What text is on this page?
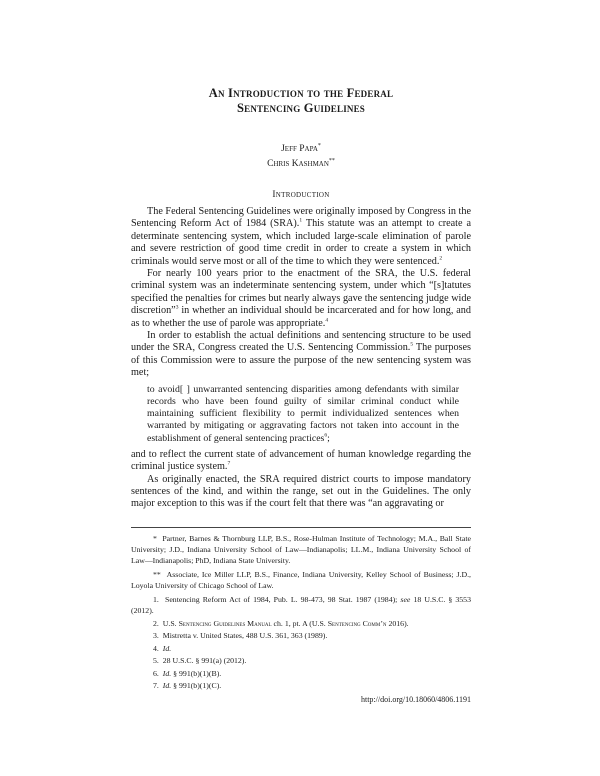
An Introduction to the Federal
Sentencing Guidelines
Jeff Papa*
Chris Kashman**
Introduction

The Federal Sentencing Guidelines were originally imposed by Congress in the Sentencing Reform Act of 1984 (SRA).$^1$ This statute was an attempt to create a determinate sentencing system, which included large-scale elimination of parole and severe restriction of good time credit in order to create a system in which criminals would serve most or all of the time to which they were sentenced.$^2$

For nearly 100 years prior to the enactment of the SRA, the U.S. federal criminal system was an indeterminate sentencing system, under which “[s]tatutes specified the penalties for crimes but nearly always gave the sentencing judge wide discretion”$^3$ in whether an individual should be incarcerated and for how long, and as to whether the use of parole was appropriate.$^4$

In order to establish the actual definitions and sentencing structure to be used under the SRA, Congress created the U.S. Sentencing Commission.$^5$ The purposes of this Commission were to assure the purpose of the new sentencing system was met;

to avoid[ ] unwarranted sentencing disparities among defendants with similar records who have been found guilty of similar criminal conduct while maintaining sufficient flexibility to permit individualized sentences when warranted by mitigating or aggravating factors not taken into account in the establishment of general sentencing practices$^6$;

and to reflect the current state of advancement of human knowledge regarding the criminal justice system.$^7$

As originally enacted, the SRA required district courts to impose mandatory sentences of the kind, and within the range, set out in the Guidelines. The only major exception to this was if the court felt that there was “an aggravating or

* Partner, Barnes & Thornburg LLP, B.S., Rose-Hulman Institute of Technology; M.A., Ball State University; J.D., Indiana University School of Law—Indianapolis; LL.M., Indiana University School of Law—Indianapolis; PhD, Indiana State University.

** Associate, Ice Miller LLP, B.S., Finance, Indiana University, Kelley School of Business; J.D., Loyola University of Chicago School of Law.

1. Sentencing Reform Act of 1984, Pub. L. 98-473, 98 Stat. 1987 (1984); see 18 U.S.C. § 3553 (2012).

2. U.S. Sentencing Guidelines Manual ch. 1, pt. A (U.S. Sentencing Comm’n 2016).

3. Mistretta v. United States, 488 U.S. 361, 363 (1989).

4. Id.

5. 28 U.S.C. § 991(a) (2012).

6. Id. § 991(b)(1)(B).

7. Id. § 991(b)(1)(C).

http://doi.org/10.18060/4806.1191
